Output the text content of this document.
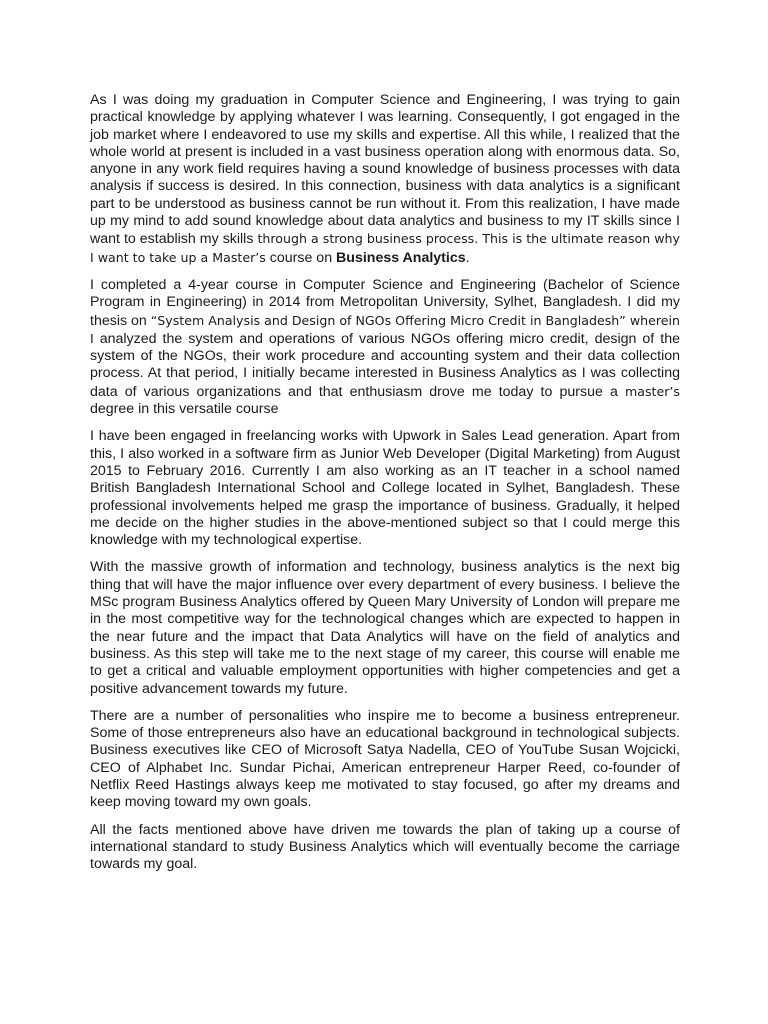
As I was doing my graduation in Computer Science and Engineering, I was trying to gain practical knowledge by applying whatever I was learning. Consequently, I got engaged in the job market where I endeavored to use my skills and expertise. All this while, I realized that the whole world at present is included in a vast business operation along with enormous data. So, anyone in any work field requires having a sound knowledge of business processes with data analysis if success is desired. In this connection, business with data analytics is a significant part to be understood as business cannot be run without it. From this realization, I have made up my mind to add sound knowledge about data analytics and business to my IT skills since I want to establish my skills through a strong business process. This is the ultimate reason why I want to take up a Master’s course on Business Analytics.

I completed a 4-year course in Computer Science and Engineering (Bachelor of Science Program in Engineering) in 2014 from Metropolitan University, Sylhet, Bangladesh. I did my thesis on “System Analysis and Design of NGOs Offering Micro Credit in Bangladesh” wherein I analyzed the system and operations of various NGOs offering micro credit, design of the system of the NGOs, their work procedure and accounting system and their data collection process. At that period, I initially became interested in Business Analytics as I was collecting data of various organizations and that enthusiasm drove me today to pursue a master’s degree in this versatile course

I have been engaged in freelancing works with Upwork in Sales Lead generation. Apart from this, I also worked in a software firm as Junior Web Developer (Digital Marketing) from August 2015 to February 2016. Currently I am also working as an IT teacher in a school named British Bangladesh International School and College located in Sylhet, Bangladesh. These professional involvements helped me grasp the importance of business. Gradually, it helped me decide on the higher studies in the above-mentioned subject so that I could merge this knowledge with my technological expertise.

With the massive growth of information and technology, business analytics is the next big thing that will have the major influence over every department of every business. I believe the MSc program Business Analytics offered by Queen Mary University of London will prepare me in the most competitive way for the technological changes which are expected to happen in the near future and the impact that Data Analytics will have on the field of analytics and business. As this step will take me to the next stage of my career, this course will enable me to get a critical and valuable employment opportunities with higher competencies and get a positive advancement towards my future.

There are a number of personalities who inspire me to become a business entrepreneur. Some of those entrepreneurs also have an educational background in technological subjects. Business executives like CEO of Microsoft Satya Nadella, CEO of YouTube Susan Wojcicki, CEO of Alphabet Inc. Sundar Pichai, American entrepreneur Harper Reed, co-founder of Netflix Reed Hastings always keep me motivated to stay focused, go after my dreams and keep moving toward my own goals.

All the facts mentioned above have driven me towards the plan of taking up a course of international standard to study Business Analytics which will eventually become the carriage towards my goal.
